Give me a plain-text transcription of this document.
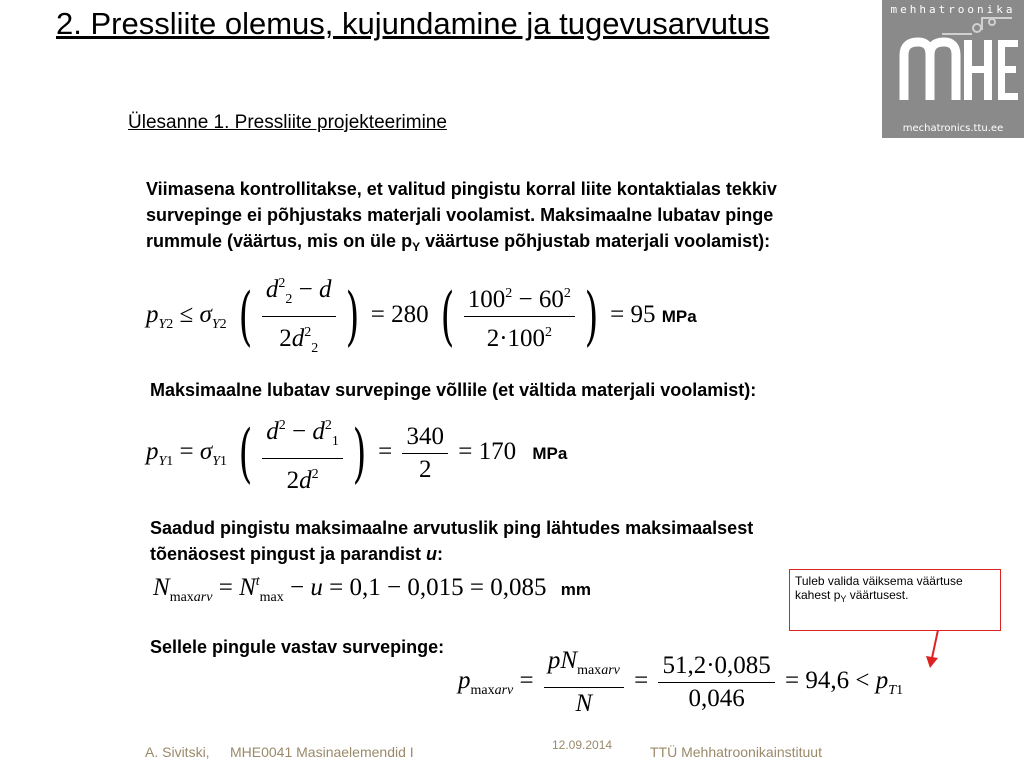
2. Pressliite olemus, kujundamine ja tugevusarvutus
Ülesanne 1. Pressliite projekteerimine
mehhatroonika
mechatronics.ttu.ee
Viimasena kontrollitakse, et valitud pingistu korral liite kontaktialas tekkiv
survepinge ei põhjustaks materjali voolamist. Maksimaalne lubatav pinge
rummule (väärtus, mis on üle $p_Y$ väärtuse põhjustab materjali voolamist):
$p_{Y2} \le \sigma_{Y2}$ ( $\frac{d^2_2 - d}{2d^2_2}$ ) = 280 ( $\frac{100^2 - 60^2}{2\cdot 100^2}$ ) = 95 MPa
Maksimaalne lubatav survepinge võllile (et vältida materjali voolamist):
$p_{Y1} = \sigma_{Y1}$ ( $\frac{d^2 - d^2_1}{2d^2}$ ) = $\frac{340}{2} = 170$ MPa
Saadud pingistu maksimaalne arvutuslik ping lähtudes maksimaalsest
tõenäosest pingust ja parandist u:
$N_{maxarv} = N^t_{max} - u = 0,1 - 0,015 = 0,085$ mm	Tuleb valida väiksema väärtuse kahest $p_Y$ väärtusest.
Sellele pingule vastav survepinge:
$p_{maxarv} = \frac{pN_{maxarv}}{N} = \frac{51,2\cdot 0,085}{0,046} = 94,6 < p_{T1}$
A. Sivitski, MHE0041 Masinaelemendid I	12.09.2014	TTÜ Mehhatroonikainstituut
